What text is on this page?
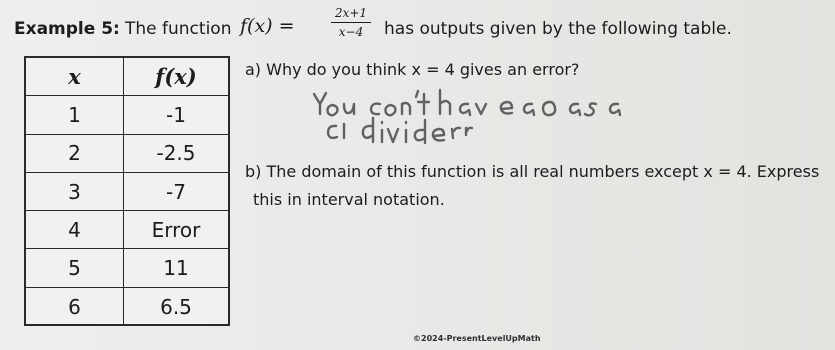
Example 5: The function f(x) =
2x+1
x−4	has outputs given by the following table.
x	f(x)
1	-1
2	-2.5
3	-7
4	Error
5	11
6	6.5
a) Why do you think x = 4 gives an error?
b) The domain of this function is all real numbers except x = 4. Express
this in interval notation.
©2024-PresentLevelUpMath
